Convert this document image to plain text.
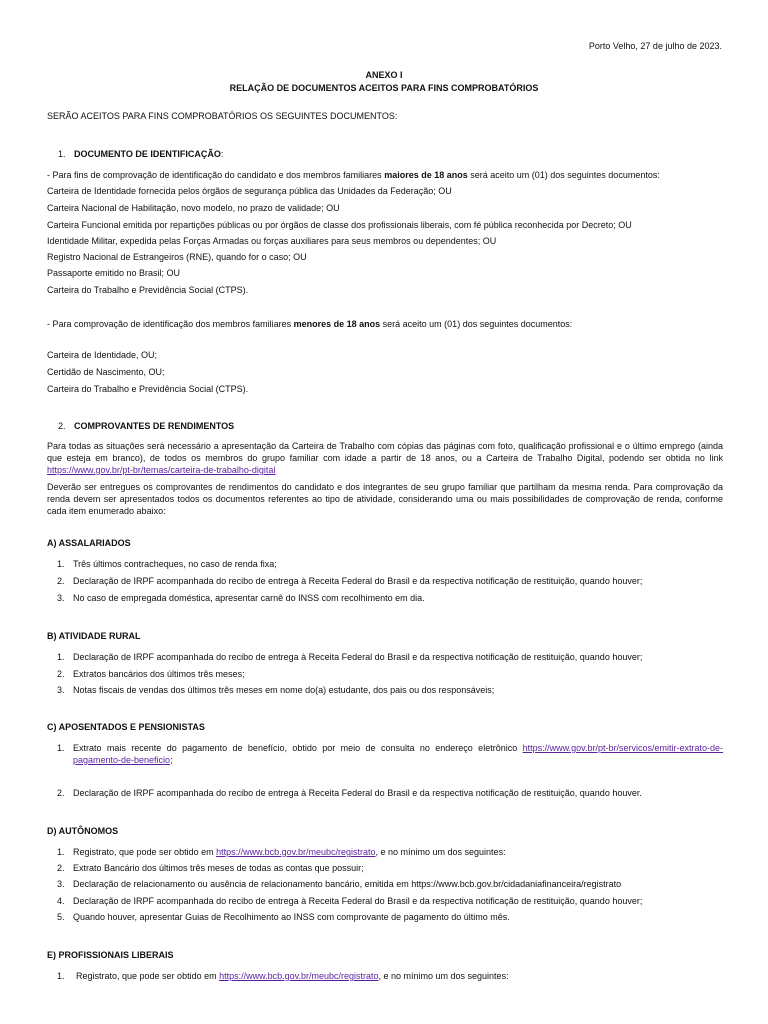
Porto Velho, 27 de julho de 2023.

ANEXO I

RELAÇÃO DE DOCUMENTOS ACEITOS PARA FINS COMPROBATÓRIOS

SERÃO ACEITOS PARA FINS COMPROBATÓRIOS OS SEGUINTES DOCUMENTOS:

1. DOCUMENTO DE IDENTIFICAÇÃO:

- Para fins de comprovação de identificação do candidato e dos membros familiares maiores de 18 anos será aceito um (01) dos seguintes documentos:

Carteira de Identidade fornecida pelos órgãos de segurança pública das Unidades da Federação; OU

Carteira Nacional de Habilitação, novo modelo, no prazo de validade; OU

Carteira Funcional emitida por repartições públicas ou por órgãos de classe dos profissionais liberais, com fé pública reconhecida por Decreto; OU

Identidade Militar, expedida pelas Forças Armadas ou forças auxiliares para seus membros ou dependentes; OU

Registro Nacional de Estrangeiros (RNE), quando for o caso; OU

Passaporte emitido no Brasil; OU

Carteira do Trabalho e Previdência Social (CTPS).

- Para comprovação de identificação dos membros familiares menores de 18 anos será aceito um (01) dos seguintes documentos:

Carteira de Identidade, OU;

Certidão de Nascimento, OU;

Carteira do Trabalho e Previdência Social (CTPS).

2. COMPROVANTES DE RENDIMENTOS

Para todas as situações será necessário a apresentação da Carteira de Trabalho com cópias das páginas com foto, qualificação profissional e o último emprego (ainda que esteja em branco), de todos os membros do grupo familiar com idade a partir de 18 anos, ou a Carteira de Trabalho Digital, podendo ser obtida no link https://www.gov.br/pt-br/temas/carteira-de-trabalho-digital

Deverão ser entregues os comprovantes de rendimentos do candidato e dos integrantes de seu grupo familiar que partilham da mesma renda. Para comprovação da renda devem ser apresentados todos os documentos referentes ao tipo de atividade, considerando uma ou mais possibilidades de comprovação de renda, conforme cada item enumerado abaixo:

A) ASSALARIADOS

1. Três últimos contracheques, no caso de renda fixa;

2. Declaração de IRPF acompanhada do recibo de entrega à Receita Federal do Brasil e da respectiva notificação de restituição, quando houver;

3. No caso de empregada doméstica, apresentar carnê do INSS com recolhimento em dia.

B) ATIVIDADE RURAL

1. Declaração de IRPF acompanhada do recibo de entrega à Receita Federal do Brasil e da respectiva notificação de restituição, quando houver;

2. Extratos bancários dos últimos três meses;

3. Notas fiscais de vendas dos últimos três meses em nome do(a) estudante, dos pais ou dos responsáveis;

C) APOSENTADOS E PENSIONISTAS

1. Extrato mais recente do pagamento de benefício, obtido por meio de consulta no endereço eletrônico https://www.gov.br/pt-br/servicos/emitir-extrato-de-pagamento-de-beneficio;

2. Declaração de IRPF acompanhada do recibo de entrega à Receita Federal do Brasil e da respectiva notificação de restituição, quando houver.

D) AUTÔNOMOS

1. Registrato, que pode ser obtido em https://www.bcb.gov.br/meubc/registrato, e no mínimo um dos seguintes:

2. Extrato Bancário dos últimos três meses de todas as contas que possuir;

3. Declaração de relacionamento ou ausência de relacionamento bancário, emitida em https://www.bcb.gov.br/cidadaniafinanceira/registrato

4. Declaração de IRPF acompanhada do recibo de entrega à Receita Federal do Brasil e da respectiva notificação de restituição, quando houver;

5. Quando houver, apresentar Guias de Recolhimento ao INSS com comprovante de pagamento do último mês.

E) PROFISSIONAIS LIBERAIS

1. Registrato, que pode ser obtido em https://www.bcb.gov.br/meubc/registrato, e no mínimo um dos seguintes:
